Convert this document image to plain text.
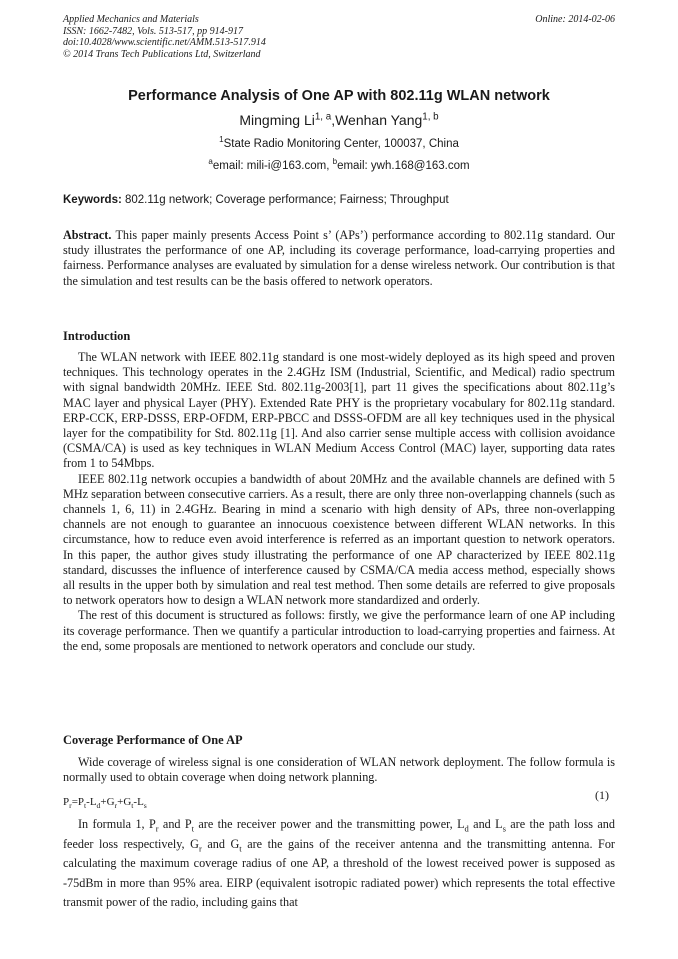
Applied Mechanics and Materials
ISSN: 1662-7482, Vols. 513-517, pp 914-917
doi:10.4028/www.scientific.net/AMM.513-517.914
© 2014 Trans Tech Publications Ltd, Switzerland
Online: 2014-02-06
Performance Analysis of One AP with 802.11g WLAN network
Mingming Li$^{1, a}$,Wenhan Yang$^{1, b}$
$^1$State Radio Monitoring Center, 100037, China
$^a$email: mili-i@163.com, $^b$email: ywh.168@163.com
Keywords: 802.11g network; Coverage performance; Fairness; Throughput

Abstract. This paper mainly presents Access Point s’ (APs’) performance according to 802.11g standard. Our study illustrates the performance of one AP, including its coverage performance, load-carrying properties and fairness. Performance analyses are evaluated by simulation for a dense wireless network. Our contribution is that the simulation and test results can be the basis offered to network operators.

Introduction

The WLAN network with IEEE 802.11g standard is one most-widely deployed as its high speed and proven techniques. This technology operates in the 2.4GHz ISM (Industrial, Scientific, and Medical) radio spectrum with signal bandwidth 20MHz. IEEE Std. 802.11g-2003[1], part 11 gives the specifications about 802.11g’s MAC layer and physical Layer (PHY). Extended Rate PHY is the proprietary vocabulary for 802.11g standard. ERP-CCK, ERP-DSSS, ERP-OFDM, ERP-PBCC and DSSS-OFDM are all key techniques used in the physical layer for the compatibility for Std. 802.11g [1]. And also carrier sense multiple access with collision avoidance (CSMA/CA) is used as key techniques in WLAN Medium Access Control (MAC) layer, supporting data rates from 1 to 54Mbps.

IEEE 802.11g network occupies a bandwidth of about 20MHz and the available channels are defined with 5 MHz separation between consecutive carriers. As a result, there are only three non-overlapping channels (such as channels 1, 6, 11) in 2.4GHz. Bearing in mind a scenario with high density of APs, three non-overlapping channels are not enough to guarantee an innocuous coexistence between different WLAN networks. In this circumstance, how to reduce even avoid interference is referred as an important question to network operators. In this paper, the author gives study illustrating the performance of one AP characterized by IEEE 802.11g standard, discusses the influence of interference caused by CSMA/CA media access method, especially shows all results in the upper both by simulation and real test method. Then some details are referred to give proposals to network operators how to design a WLAN network more standardized and orderly.

The rest of this document is structured as follows: firstly, we give the performance learn of one AP including its coverage performance. Then we quantify a particular introduction to load-carrying properties and fairness. At the end, some proposals are mentioned to network operators and conclude our study.

Coverage Performance of One AP

Wide coverage of wireless signal is one consideration of WLAN network deployment. The follow formula is normally used to obtain coverage when doing network planning.

$P_r=P_t-L_d+G_r+G_t-L_s$
(1)

In formula 1, $P_r$ and $P_t$ are the receiver power and the transmitting power, $L_d$ and $L_s$ are the path loss and feeder loss respectively, $G_r$ and $G_t$ are the gains of the receiver antenna and the transmitting antenna. For calculating the maximum coverage radius of one AP, a threshold of the lowest received power is supposed as -75dBm in more than 95% area. EIRP (equivalent isotropic radiated power) which represents the total effective transmit power of the radio, including gains that
